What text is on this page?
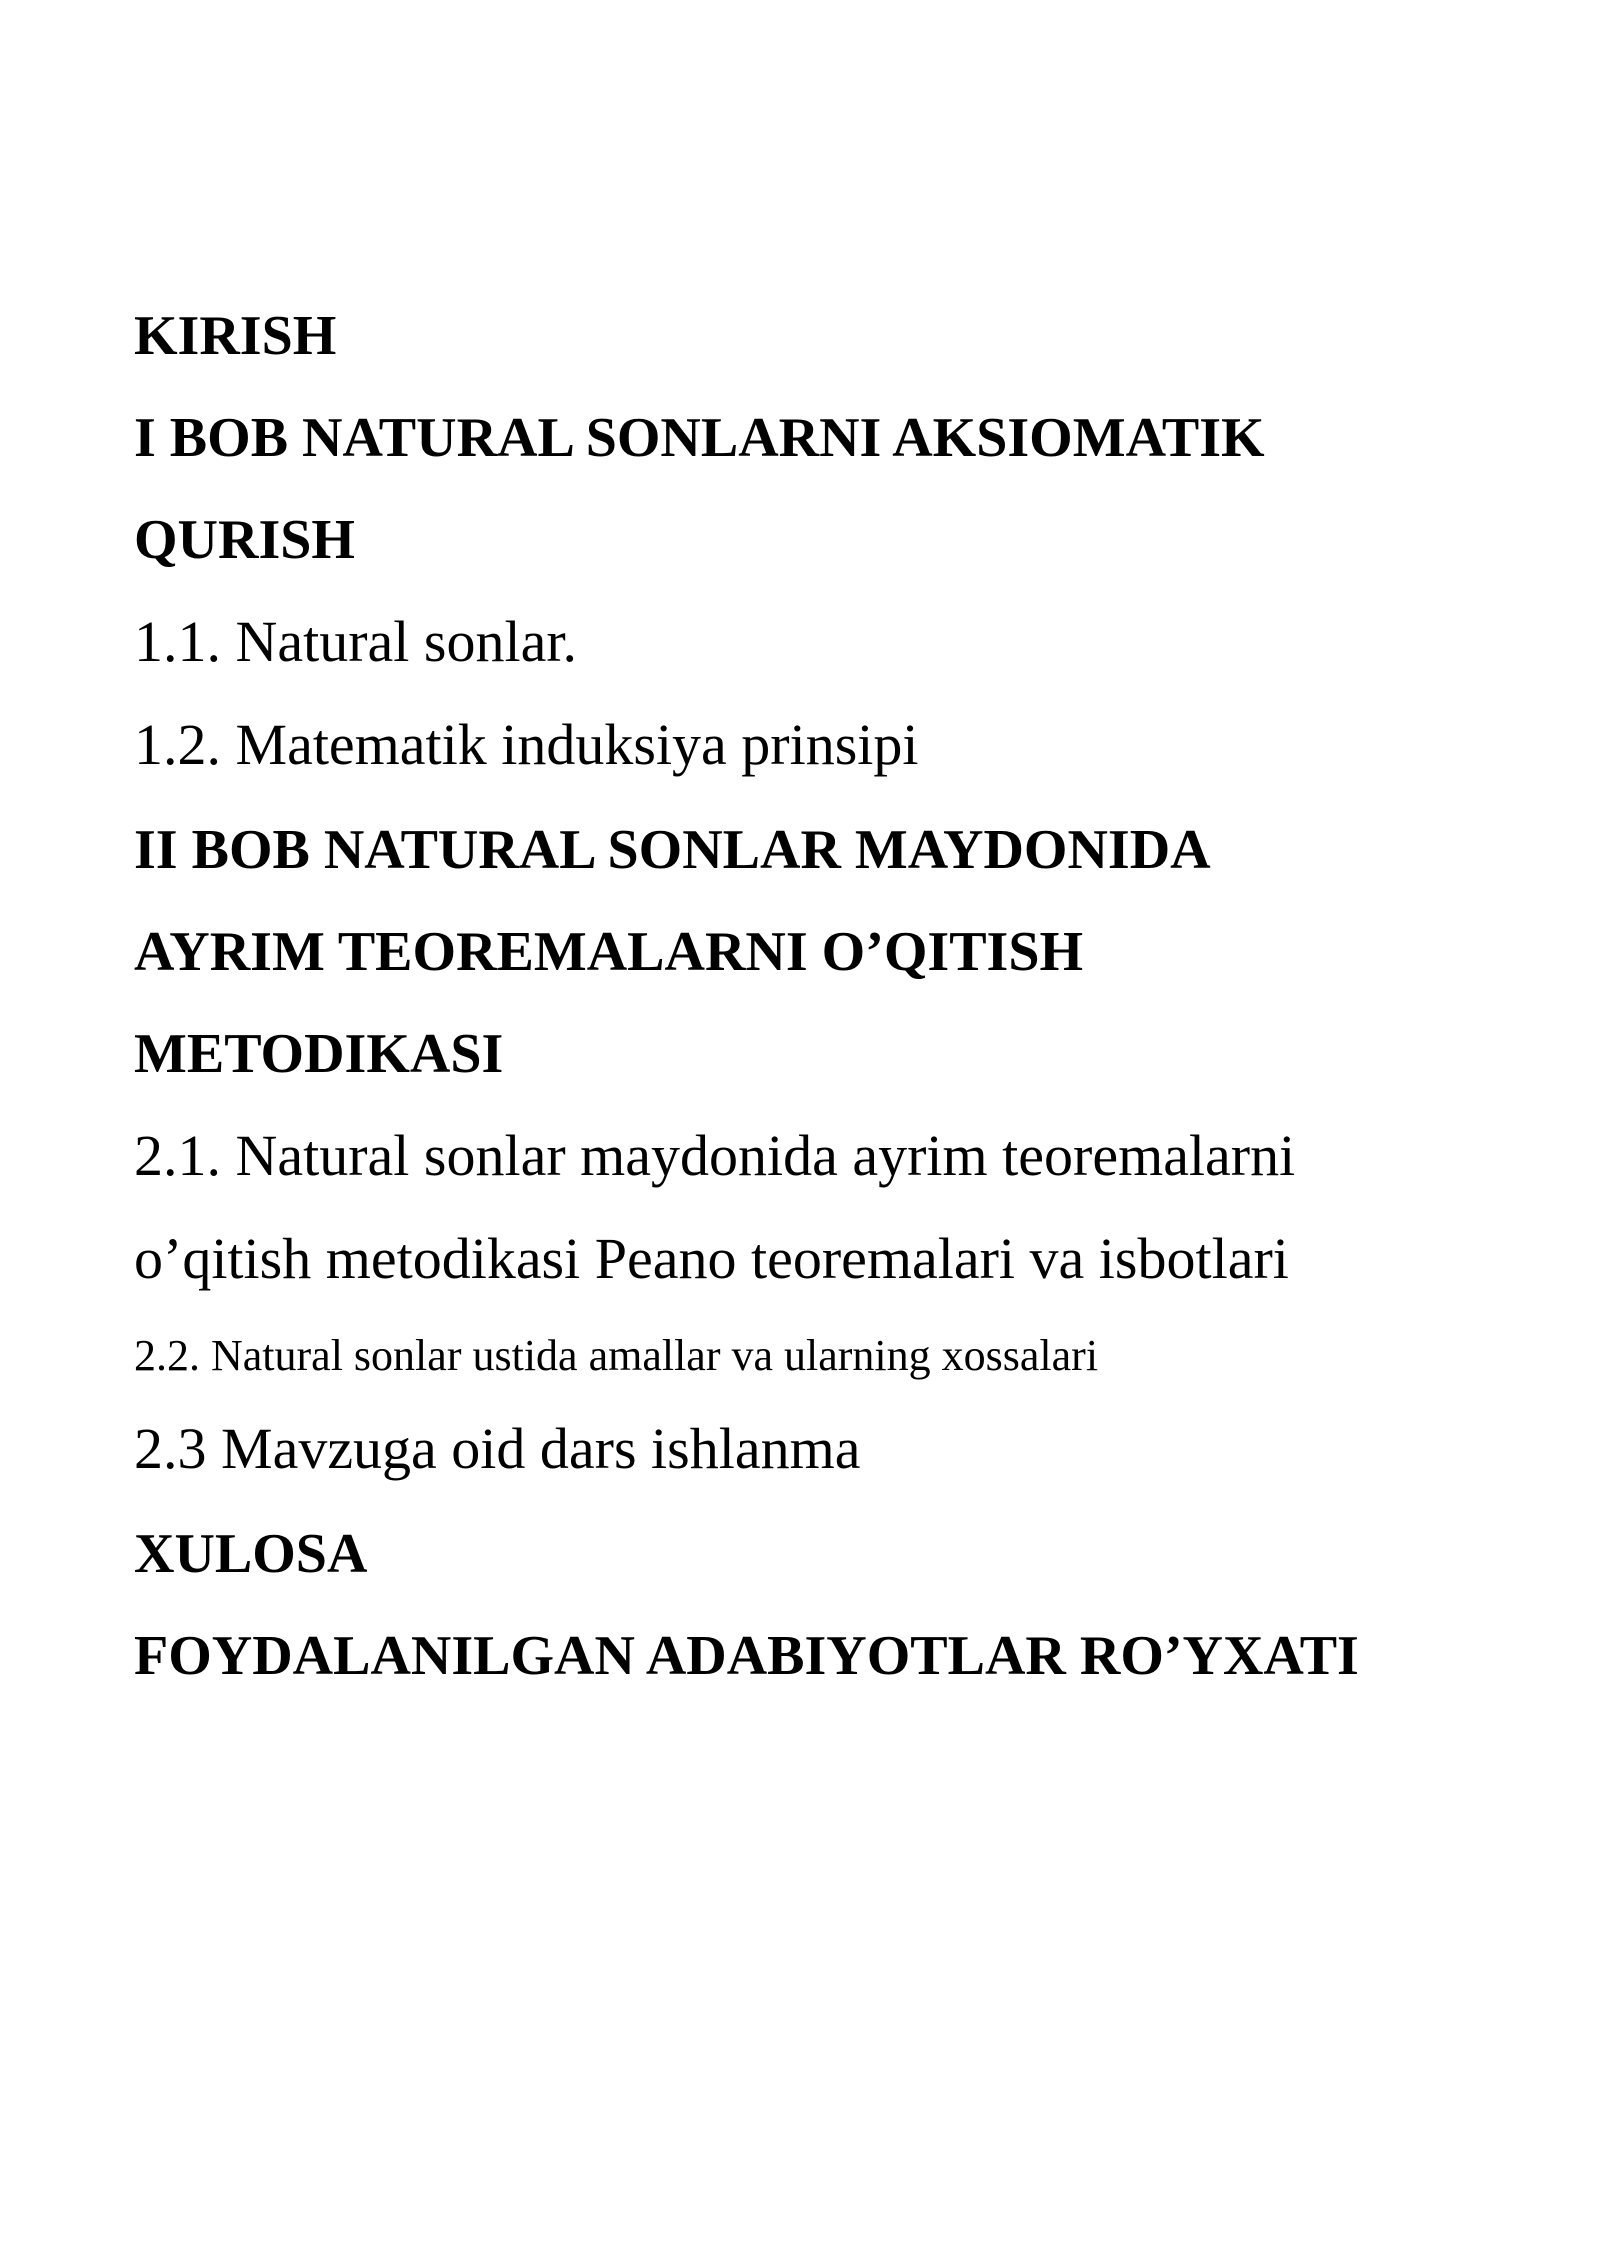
KIRISH
I BOB NATURAL SONLARNI AKSIOMATIK
QURISH
1.1. Natural sonlar.
1.2. Matematik induksiya prinsipi
II BOB NATURAL SONLAR MAYDONIDA
AYRIM TEOREMALARNI O’QITISH
METODIKASI
2.1. Natural sonlar maydonida ayrim teoremalarni
o’qitish metodikasi Peano teoremalari va isbotlari
2.2. Natural sonlar ustida amallar va ularning xossalari
2.3 Mavzuga oid dars ishlanma
XULOSA
FOYDALANILGAN ADABIYOTLAR RO’YXATI
